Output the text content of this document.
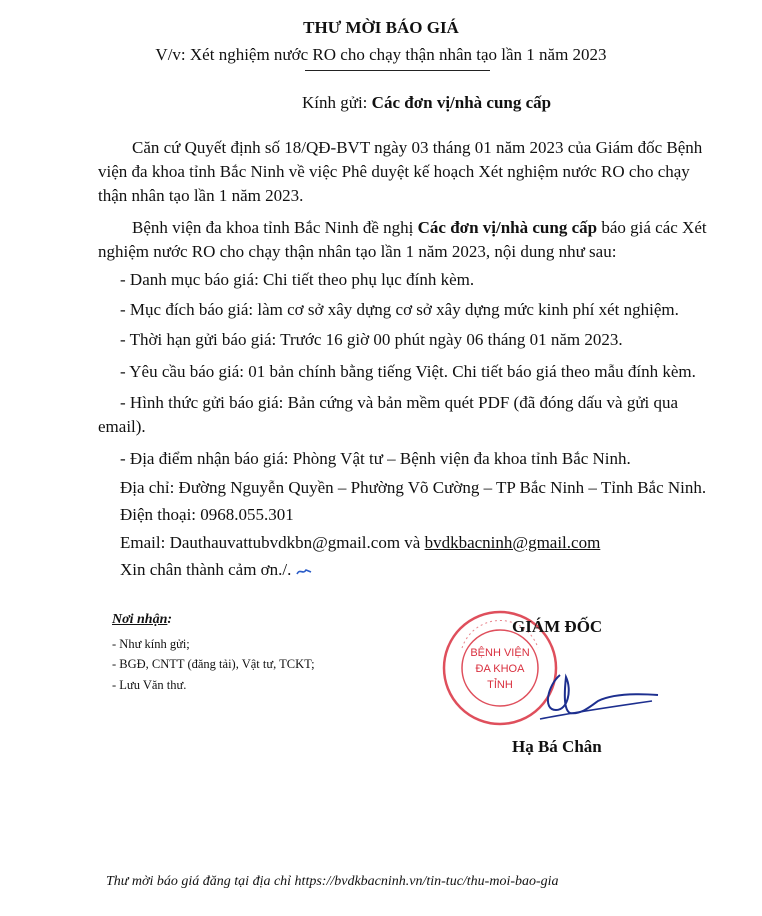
THƯ MỜI BÁO GIÁ
V/v: Xét nghiệm nước RO cho chạy thận nhân tạo lần 1 năm 2023
Kính gửi: Các đơn vị/nhà cung cấp
Căn cứ Quyết định số 18/QĐ-BVT ngày 03 tháng 01 năm 2023 của Giám đốc Bệnh
viện đa khoa tỉnh Bắc Ninh về việc Phê duyệt kế hoạch Xét nghiệm nước RO cho chạy
thận nhân tạo lần 1 năm 2023.
Bệnh viện đa khoa tỉnh Bắc Ninh đề nghị Các đơn vị/nhà cung cấp báo giá các Xét
nghiệm nước RO cho chạy thận nhân tạo lần 1 năm 2023, nội dung như sau:
- Danh mục báo giá: Chi tiết theo phụ lục đính kèm.
- Mục đích báo giá: làm cơ sở xây dựng cơ sở xây dựng mức kinh phí xét nghiệm.
- Thời hạn gửi báo giá: Trước 16 giờ 00 phút ngày 06 tháng 01 năm 2023.
- Yêu cầu báo giá: 01 bản chính bằng tiếng Việt. Chi tiết báo giá theo mẫu đính kèm.
- Hình thức gửi báo giá: Bản cứng và bản mềm quét PDF (đã đóng dấu và gửi qua
email).
- Địa điểm nhận báo giá: Phòng Vật tư – Bệnh viện đa khoa tỉnh Bắc Ninh.
Địa chỉ: Đường Nguyễn Quyền – Phường Võ Cường – TP Bắc Ninh – Tỉnh Bắc Ninh.
Điện thoại: 0968.055.301
Email: Dauthauvattubvdkbn@gmail.com và bvdkbacninh@gmail.com
Xin chân thành cảm ơn./.
Nơi nhận:
- Như kính gửi;
- BGĐ, CNTT (đăng tải), Vật tư, TCKT;
- Lưu Văn thư.
BỆNH VIỆN
ĐA KHOA
TỈNH
GIÁM ĐỐC
Hạ Bá Chân
Thư mời báo giá đăng tại địa chỉ https://bvdkbacninh.vn/tin-tuc/thu-moi-bao-gia
